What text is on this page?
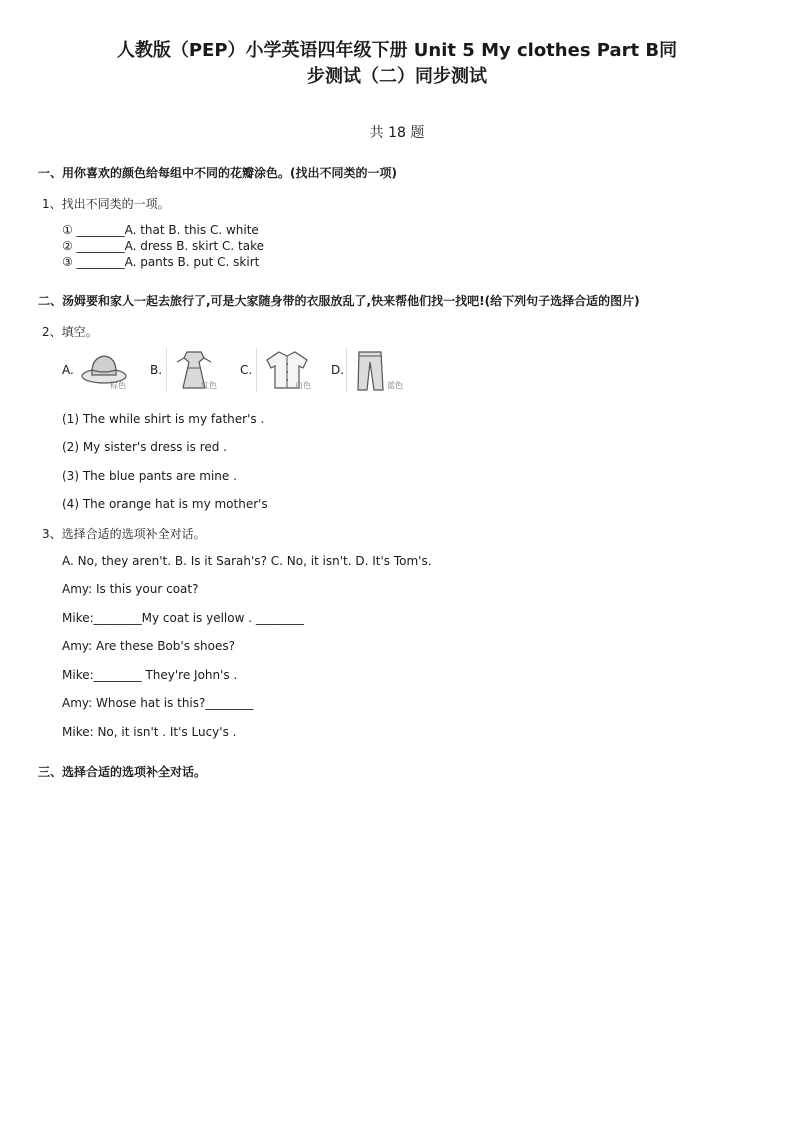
人教版（PEP）小学英语四年级下册 Unit 5 My clothes Part B同
步测试（二）同步测试
共 18 题
一、用你喜欢的颜色给每组中不同的花瓣涂色。(找出不同类的一项)
1、找出不同类的一项。
① ________A. that B. this C. white
② ________A. dress B. skirt C. take
③ ________A. pants B. put C. skirt
二、汤姆要和家人一起去旅行了,可是大家随身带的衣服放乱了,快来帮他们找一找吧!(给下列句子选择合适的图片)
2、填空。
A.
棕色
B.
红色
C.
白色
D.
蓝色
(1) The while shirt is my father's .
(2) My sister's dress is red .
(3) The blue pants are mine .
(4) The orange hat is my mother's
3、选择合适的选项补全对话。
A. No, they aren't. B. Is it Sarah's? C. No, it isn't. D. It's Tom's.
Amy: Is this your coat?
Mike:________My coat is yellow . ________
Amy: Are these Bob's shoes?
Mike:________ They're John's .
Amy: Whose hat is this?________
Mike: No, it isn't . It's Lucy's .
三、选择合适的选项补全对话。
